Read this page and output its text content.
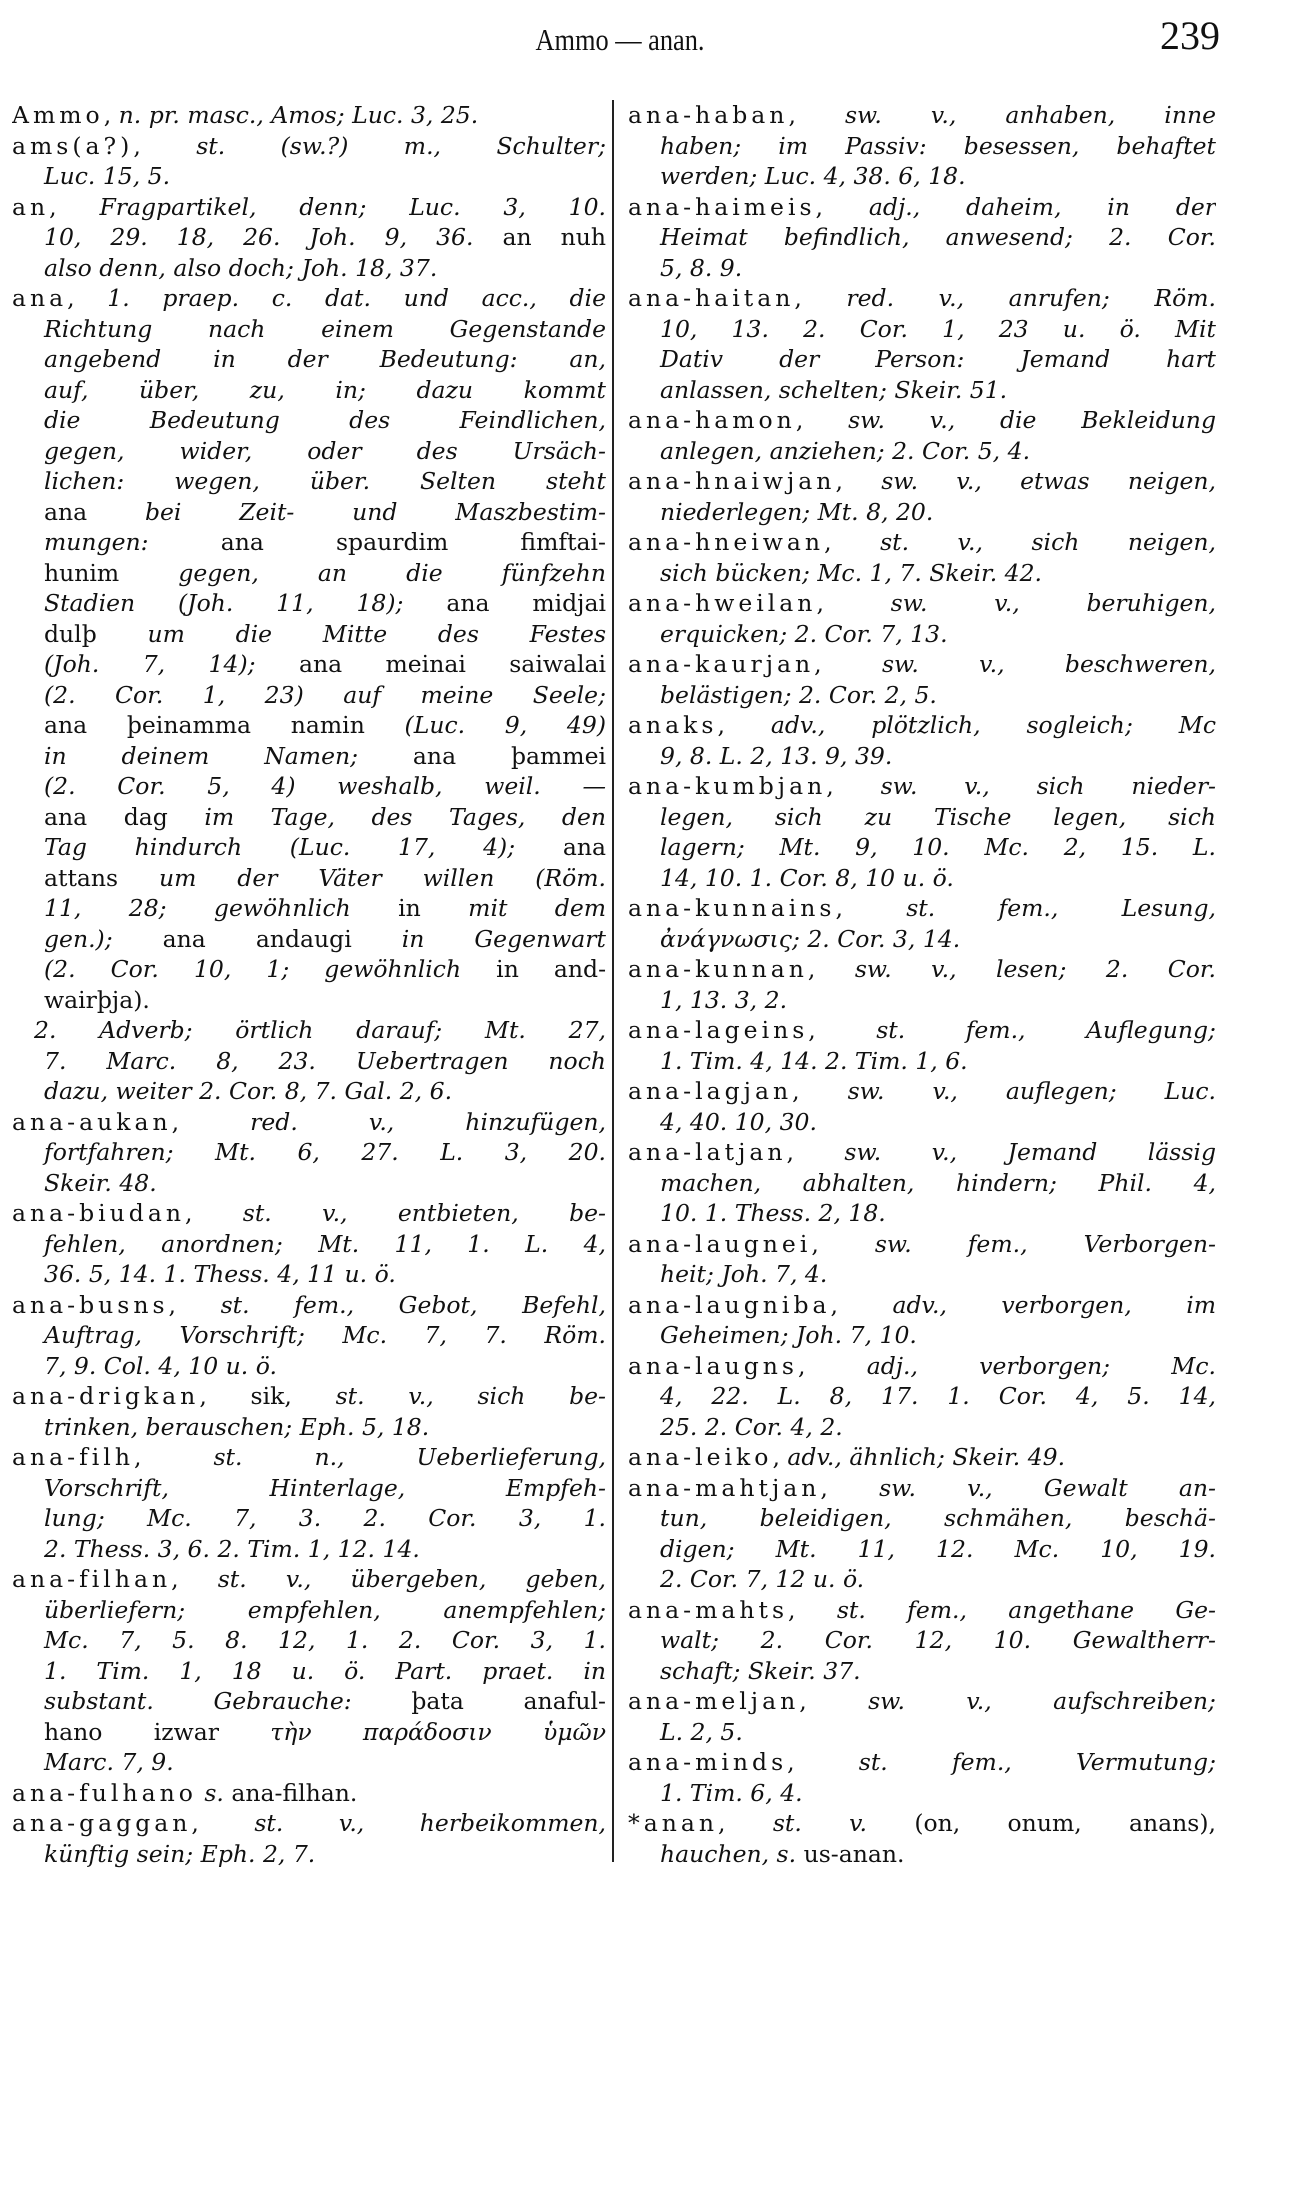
Ammo — anan.	239
Ammo, n. pr. masc., Amos; Luc. 3, 25.
ams(a?), st. (sw.?) m., Schulter;
Luc. 15, 5.
an, Fragpartikel, denn; Luc. 3, 10.
10, 29. 18, 26. Joh. 9, 36. an nuh
also denn, also doch; Joh. 18, 37.
ana, 1. praep. c. dat. und acc., die
Richtung nach einem Gegenstande
angebend in der Bedeutung: an,
auf, über, zu, in; dazu kommt
die Bedeutung des Feindlichen,
gegen, wider, oder des Ursäch-
lichen: wegen, über. Selten steht
ana bei Zeit- und Maszbestim-
mungen: ana spaurdim fimftai-
hunim gegen, an die fünfzehn
Stadien (Joh. 11, 18); ana midjai
dulþ um die Mitte des Festes
(Joh. 7, 14); ana meinai saiwalai
(2. Cor. 1, 23) auf meine Seele;
ana þeinamma namin (Luc. 9, 49)
in deinem Namen; ana þammei
(2. Cor. 5, 4) weshalb, weil. —
ana dag im Tage, des Tages, den
Tag hindurch (Luc. 17, 4); ana
attans um der Väter willen (Röm.
11, 28; gewöhnlich in mit dem
gen.); ana andaugi in Gegenwart
(2. Cor. 10, 1; gewöhnlich in and-
wairþja).
2. Adverb; örtlich darauf; Mt. 27,
7. Marc. 8, 23. Uebertragen noch
dazu, weiter 2. Cor. 8, 7. Gal. 2, 6.
ana-aukan, red. v., hinzufügen,
fortfahren; Mt. 6, 27. L. 3, 20.
Skeir. 48.
ana-biudan, st. v., entbieten, be-
fehlen, anordnen; Mt. 11, 1. L. 4,
36. 5, 14. 1. Thess. 4, 11 u. ö.
ana-busns, st. fem., Gebot, Befehl,
Auftrag, Vorschrift; Mc. 7, 7. Röm.
7, 9. Col. 4, 10 u. ö.
ana-drigkan, sik, st. v., sich be-
trinken, berauschen; Eph. 5, 18.
ana-filh, st. n., Ueberlieferung,
Vorschrift, Hinterlage, Empfeh-
lung; Mc. 7, 3. 2. Cor. 3, 1.
2. Thess. 3, 6. 2. Tim. 1, 12. 14.
ana-filhan, st. v., übergeben, geben,
überliefern; empfehlen, anempfehlen;
Mc. 7, 5. 8. 12, 1. 2. Cor. 3, 1.
1. Tim. 1, 18 u. ö. Part. praet. in
substant. Gebrauche: þata anaful-
hano izwar τὴν παράδοσιν ὑμῶν
Marc. 7, 9.
ana-fulhano s. ana-filhan.
ana-gaggan, st. v., herbeikommen,
künftig sein; Eph. 2, 7.
ana-haban, sw. v., anhaben, inne
haben; im Passiv: besessen, behaftet
werden; Luc. 4, 38. 6, 18.
ana-haimeis, adj., daheim, in der
Heimat befindlich, anwesend; 2. Cor.
5, 8. 9.
ana-haitan, red. v., anrufen; Röm.
10, 13. 2. Cor. 1, 23 u. ö. Mit
Dativ der Person: Jemand hart
anlassen, schelten; Skeir. 51.
ana-hamon, sw. v., die Bekleidung
anlegen, anziehen; 2. Cor. 5, 4.
ana-hnaiwjan, sw. v., etwas neigen,
niederlegen; Mt. 8, 20.
ana-hneiwan, st. v., sich neigen,
sich bücken; Mc. 1, 7. Skeir. 42.
ana-hweilan, sw. v., beruhigen,
erquicken; 2. Cor. 7, 13.
ana-kaurjan, sw. v., beschweren,
belästigen; 2. Cor. 2, 5.
anaks, adv., plötzlich, sogleich; Mc
9, 8. L. 2, 13. 9, 39.
ana-kumbjan, sw. v., sich nieder-
legen, sich zu Tische legen, sich
lagern; Mt. 9, 10. Mc. 2, 15. L.
14, 10. 1. Cor. 8, 10 u. ö.
ana-kunnains, st. fem., Lesung,
ἀνάγνωσις; 2. Cor. 3, 14.
ana-kunnan, sw. v., lesen; 2. Cor.
1, 13. 3, 2.
ana-lageins, st. fem., Auflegung;
1. Tim. 4, 14. 2. Tim. 1, 6.
ana-lagjan, sw. v., auflegen; Luc.
4, 40. 10, 30.
ana-latjan, sw. v., Jemand lässig
machen, abhalten, hindern; Phil. 4,
10. 1. Thess. 2, 18.
ana-laugnei, sw. fem., Verborgen-
heit; Joh. 7, 4.
ana-laugniba, adv., verborgen, im
Geheimen; Joh. 7, 10.
ana-laugns, adj., verborgen; Mc.
4, 22. L. 8, 17. 1. Cor. 4, 5. 14,
25. 2. Cor. 4, 2.
ana-leiko, adv., ähnlich; Skeir. 49.
ana-mahtjan, sw. v., Gewalt an-
tun, beleidigen, schmähen, beschä-
digen; Mt. 11, 12. Mc. 10, 19.
2. Cor. 7, 12 u. ö.
ana-mahts, st. fem., angethane Ge-
walt; 2. Cor. 12, 10. Gewaltherr-
schaft; Skeir. 37.
ana-meljan, sw. v., aufschreiben;
L. 2, 5.
ana-minds, st. fem., Vermutung;
1. Tim. 6, 4.
*anan, st. v. (on, onum, anans),
hauchen, s. us-anan.
